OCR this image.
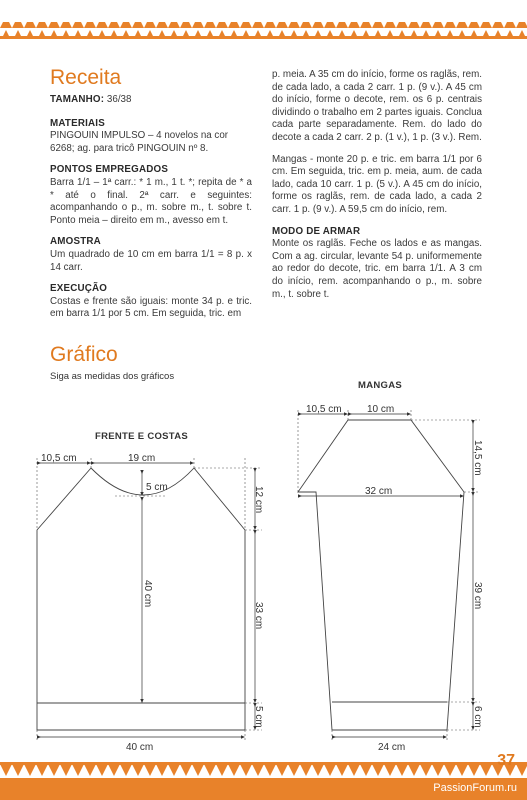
Receita

TAMANHO: 36/38

MATERIAIS

PINGOUIN IMPULSO – 4 novelos na cor 6268; ag. para tricô PINGOUIN nº 8.

PONTOS EMPREGADOS

Barra 1/1 – 1ª carr.: * 1 m., 1 t. *; repita de * a * até o final. 2ª carr. e seguintes: acompanhando o p., m. sobre m., t. sobre t. Ponto meia – direito em m., avesso em t.

AMOSTRA

Um quadrado de 10 cm em barra 1/1 = 8 p. x 14 carr.

EXECUÇÃO

Costas e frente são iguais: monte 34 p. e tric. em barra 1/1 por 5 cm. Em seguida, tric. em

p. meia. A 35 cm do início, forme os raglãs, rem. de cada lado, a cada 2 carr. 1 p. (9 v.). A 45 cm do início, forme o decote, rem. os 6 p. centrais dividindo o trabalho em 2 partes iguais. Conclua cada parte separadamente. Rem. do lado do decote a cada 2 carr. 2 p. (1 v.), 1 p. (3 v.). Rem.

Mangas - monte 20 p. e tric. em barra 1/1 por 6 cm. Em seguida, tric. em p. meia, aum. de cada lado, cada 10 carr. 1 p. (5 v.). A 45 cm do início, forme os raglãs, rem. de cada lado, a cada 2 carr. 1 p. (9 v.). A 59,5 cm do início, rem.

MODO DE ARMAR

Monte os raglãs. Feche os lados e as mangas. Com a ag. circular, levante 54 p. uniformemente ao redor do decote, tric. em barra 1/1. A 3 cm do início, rem. acompanhando o p., m. sobre m., t. sobre t.

Gráfico
Siga as medidas dos gráficos
FRENTE E COSTAS
MANGAS
10,5 cm	19 cm
5 cm	12 cm
40 cm
33 cm
5 cm
40 cm
10,5 cm	10 cm
14,5 cm
32 cm
39 cm
6 cm
24 cm
37
PassionForum.ru
